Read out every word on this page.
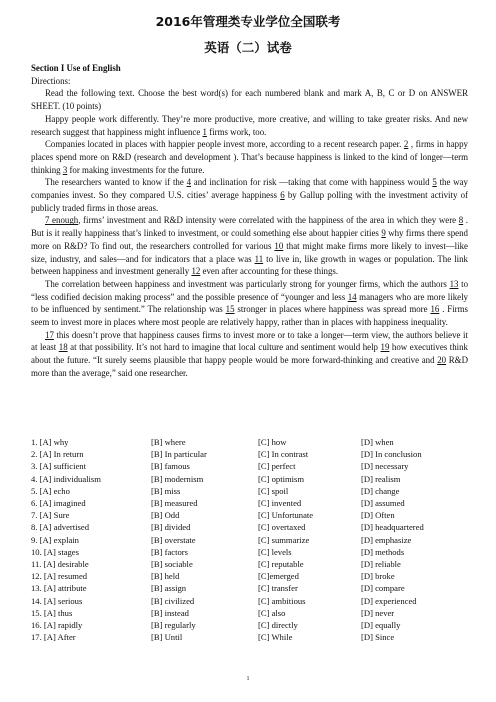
2016年管理类专业学位全国联考
英语（二）试卷
Section I Use of English
Directions:

Read the following text. Choose the best word(s) for each numbered blank and mark A, B, C or D on ANSWER SHEET. (10 points)

Happy people work differently. They’re more productive, more creative, and willing to take greater risks. And new research suggest that happiness might influence 1 firms work, too.

Companies located in places with happier people invest more, according to a recent research paper. 2 , firms in happy places spend more on R&D (research and development ). That’s because happiness is linked to the kind of longer—term thinking 3 for making investments for the future.

The researchers wanted to know if the 4 and inclination for risk —taking that come with happiness would 5 the way companies invest. So they compared U.S. cities’ average happiness 6 by Gallup polling with the investment activity of publicly traded firms in those areas.

7 enough, firms’ investment and R&D intensity were correlated with the happiness of the area in which they were 8 . But is it really happiness that’s linked to investment, or could something else about happier cities 9 why firms there spend more on R&D? To find out, the researchers controlled for various 10 that might make firms more likely to invest—like size, industry, and sales—and for indicators that a place was 11 to live in, like growth in wages or population. The link between happiness and investment generally 12 even after accounting for these things.

The correlation between happiness and investment was particularly strong for younger firms, which the authors 13 to “less codified decision making process” and the possible presence of “younger and less 14 managers who are more likely to be influenced by sentiment.” The relationship was 15 stronger in places where happiness was spread more 16 . Firms seem to invest more in places where most people are relatively happy, rather than in places with happiness inequality.

17 this doesn’t prove that happiness causes firms to invest more or to take a longer—term view, the authors believe it at least 18 at that possibility. It’s not hard to imagine that local culture and sentiment would help 19 how executives think about the future. “It surely seems plausible that happy people would be more forward-thinking and creative and 20 R&D more than the average,” said one researcher.

1. [A] why	[B] where	[C] how	[D] when
2. [A] In return	[B] In particular	[C] In contrast	[D] In conclusion
3. [A] sufficient	[B] famous	[C] perfect	[D] necessary
4. [A] individualism	[B] modernism	[C] optimism	[D] realism
5. [A] echo	[B] miss	[C] spoil	[D] change
6. [A] imagined	[B] measured	[C] invented	[D] assumed
7. [A] Sure	[B] Odd	[C] Unfortunate	[D] Often
8. [A] advertised	[B] divided	[C] overtaxed	[D] headquartered
9. [A] explain	[B] overstate	[C] summarize	[D] emphasize
10. [A] stages	[B] factors	[C] levels	[D] methods
11. [A] desirable	[B] sociable	[C] reputable	[D] reliable
12. [A] resumed	[B] held	[C]emerged	[D] broke
13. [A] attribute	[B] assign	[C] transfer	[D] compare
14. [A] serious	[B] civilized	[C] ambitious	[D] experienced
15. [A] thus	[B] instead	[C] also	[D] never
16. [A] rapidly	[B] regularly	[C] directly	[D] equally
17. [A] After	[B] Until	[C] While	[D] Since
1
